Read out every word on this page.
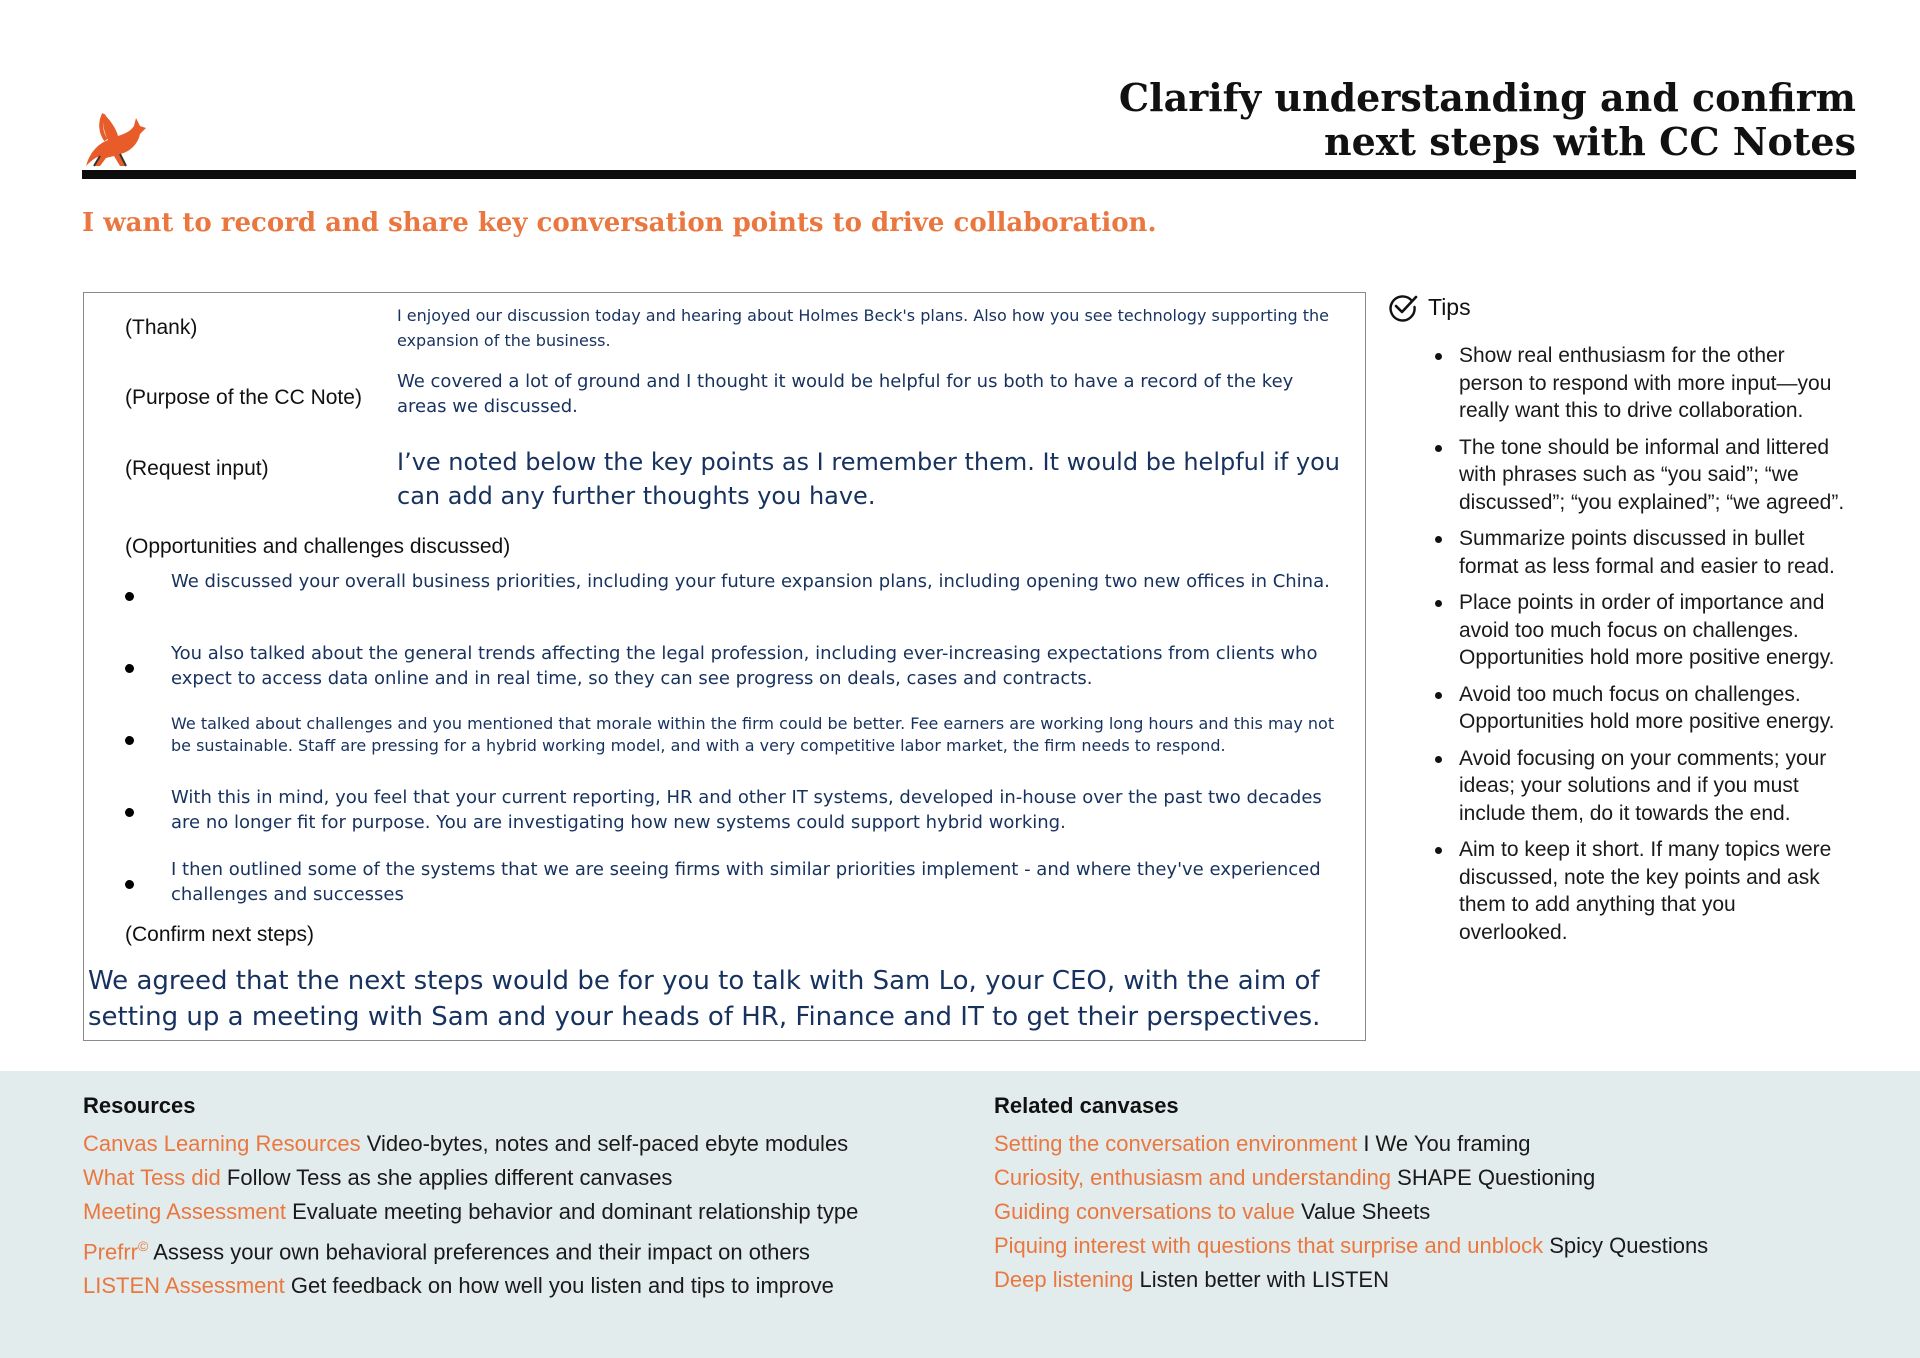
Clarify understanding and confirm
next steps with CC Notes
I want to record and share key conversation points to drive collaboration.
(Thank)
I enjoyed our discussion today and hearing about Holmes Beck's plans. Also how you see technology supporting the expansion of the business.
(Purpose of the CC Note)
We covered a lot of ground and I thought it would be helpful for us both to have a record of the key areas we discussed.
(Request input)	I’ve noted below the key points as I remember them. It would be helpful if you can add any further thoughts you have.
(Opportunities and challenges discussed)
We discussed your overall business priorities, including your future expansion plans, including opening two new offices in China.
You also talked about the general trends affecting the legal profession, including ever-increasing expectations from clients who expect to access data online and in real time, so they can see progress on deals, cases and contracts.
We talked about challenges and you mentioned that morale within the firm could be better. Fee earners are working long hours and this may not be sustainable. Staff are pressing for a hybrid working model, and with a very competitive labor market, the firm needs to respond.
With this in mind, you feel that your current reporting, HR and other IT systems, developed in-house over the past two decades are no longer fit for purpose. You are investigating how new systems could support hybrid working.
I then outlined some of the systems that we are seeing firms with similar priorities implement - and where they've experienced challenges and successes
(Confirm next steps)
We agreed that the next steps would be for you to talk with Sam Lo, your CEO, with the aim of setting up a meeting with Sam and your heads of HR, Finance and IT to get their perspectives.
Tips
Show real enthusiasm for the other person to respond with more input—you really want this to drive collaboration.
The tone should be informal and littered with phrases such as “you said”; “we discussed”; “you explained”; “we agreed”.
Summarize points discussed in bullet format as less formal and easier to read.
Place points in order of importance and avoid too much focus on challenges. Opportunities hold more positive energy.
Avoid too much focus on challenges. Opportunities hold more positive energy.
Avoid focusing on your comments; your ideas; your solutions and if you must include them, do it towards the end.
Aim to keep it short. If many topics were discussed, note the key points and ask them to add anything that you overlooked.
Resources
Canvas Learning Resources Video-bytes, notes and self-paced ebyte modules
What Tess did Follow Tess as she applies different canvases
Meeting Assessment Evaluate meeting behavior and dominant relationship type
Prefrr© Assess your own behavioral preferences and their impact on others
LISTEN Assessment Get feedback on how well you listen and tips to improve
Related canvases
Setting the conversation environment I We You framing
Curiosity, enthusiasm and understanding SHAPE Questioning
Guiding conversations to value Value Sheets
Piquing interest with questions that surprise and unblock Spicy Questions
Deep listening Listen better with LISTEN
